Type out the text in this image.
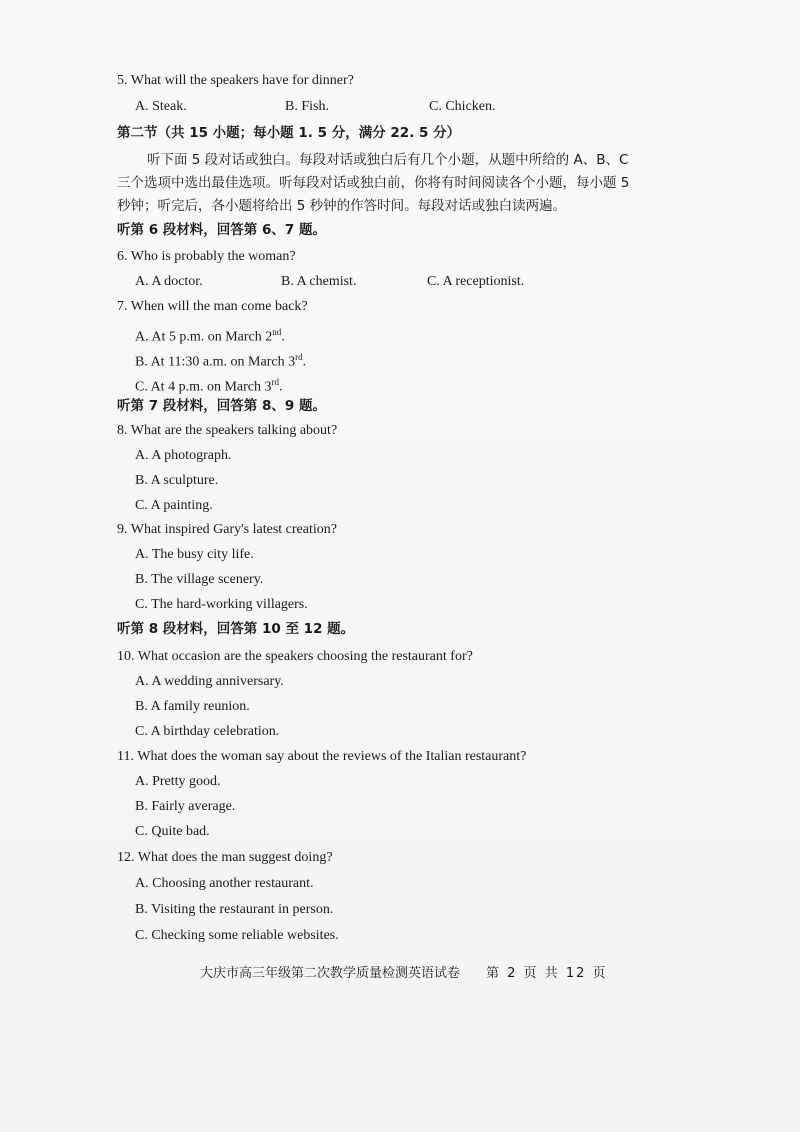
5. What will the speakers have for dinner?
A. Steak.	B. Fish.	C. Chicken.
第二节（共 15 小题；每小题 1. 5 分，满分 22. 5 分）
听下面 5 段对话或独白。每段对话或独白后有几个小题，从题中所给的 A、B、C
三个选项中选出最佳选项。听每段对话或独白前，你将有时间阅读各个小题，每小题 5
秒钟；听完后，各小题将给出 5 秒钟的作答时间。每段对话或独白读两遍。
听第 6 段材料，回答第 6、7 题。
6. Who is probably the woman?
A. A doctor.	B. A chemist.	C. A receptionist.
7. When will the man come back?
A. At 5 p.m. on March 2nd.
B. At 11:30 a.m. on March 3rd.
C. At 4 p.m. on March 3rd.
听第 7 段材料，回答第 8、9 题。
8. What are the speakers talking about?
A. A photograph.
B. A sculpture.
C. A painting.
9. What inspired Gary's latest creation?
A. The busy city life.
B. The village scenery.
C. The hard-working villagers.
听第 8 段材料，回答第 10 至 12 题。
10. What occasion are the speakers choosing the restaurant for?
A. A wedding anniversary.
B. A family reunion.
C. A birthday celebration.
11. What does the woman say about the reviews of the Italian restaurant?
A. Pretty good.
B. Fairly average.
C. Quite bad.
12. What does the man suggest doing?
A. Choosing another restaurant.
B. Visiting the restaurant in person.
C. Checking some reliable websites.
大庆市高三年级第二次教学质量检测英语试卷 第 2 页 共 12 页
